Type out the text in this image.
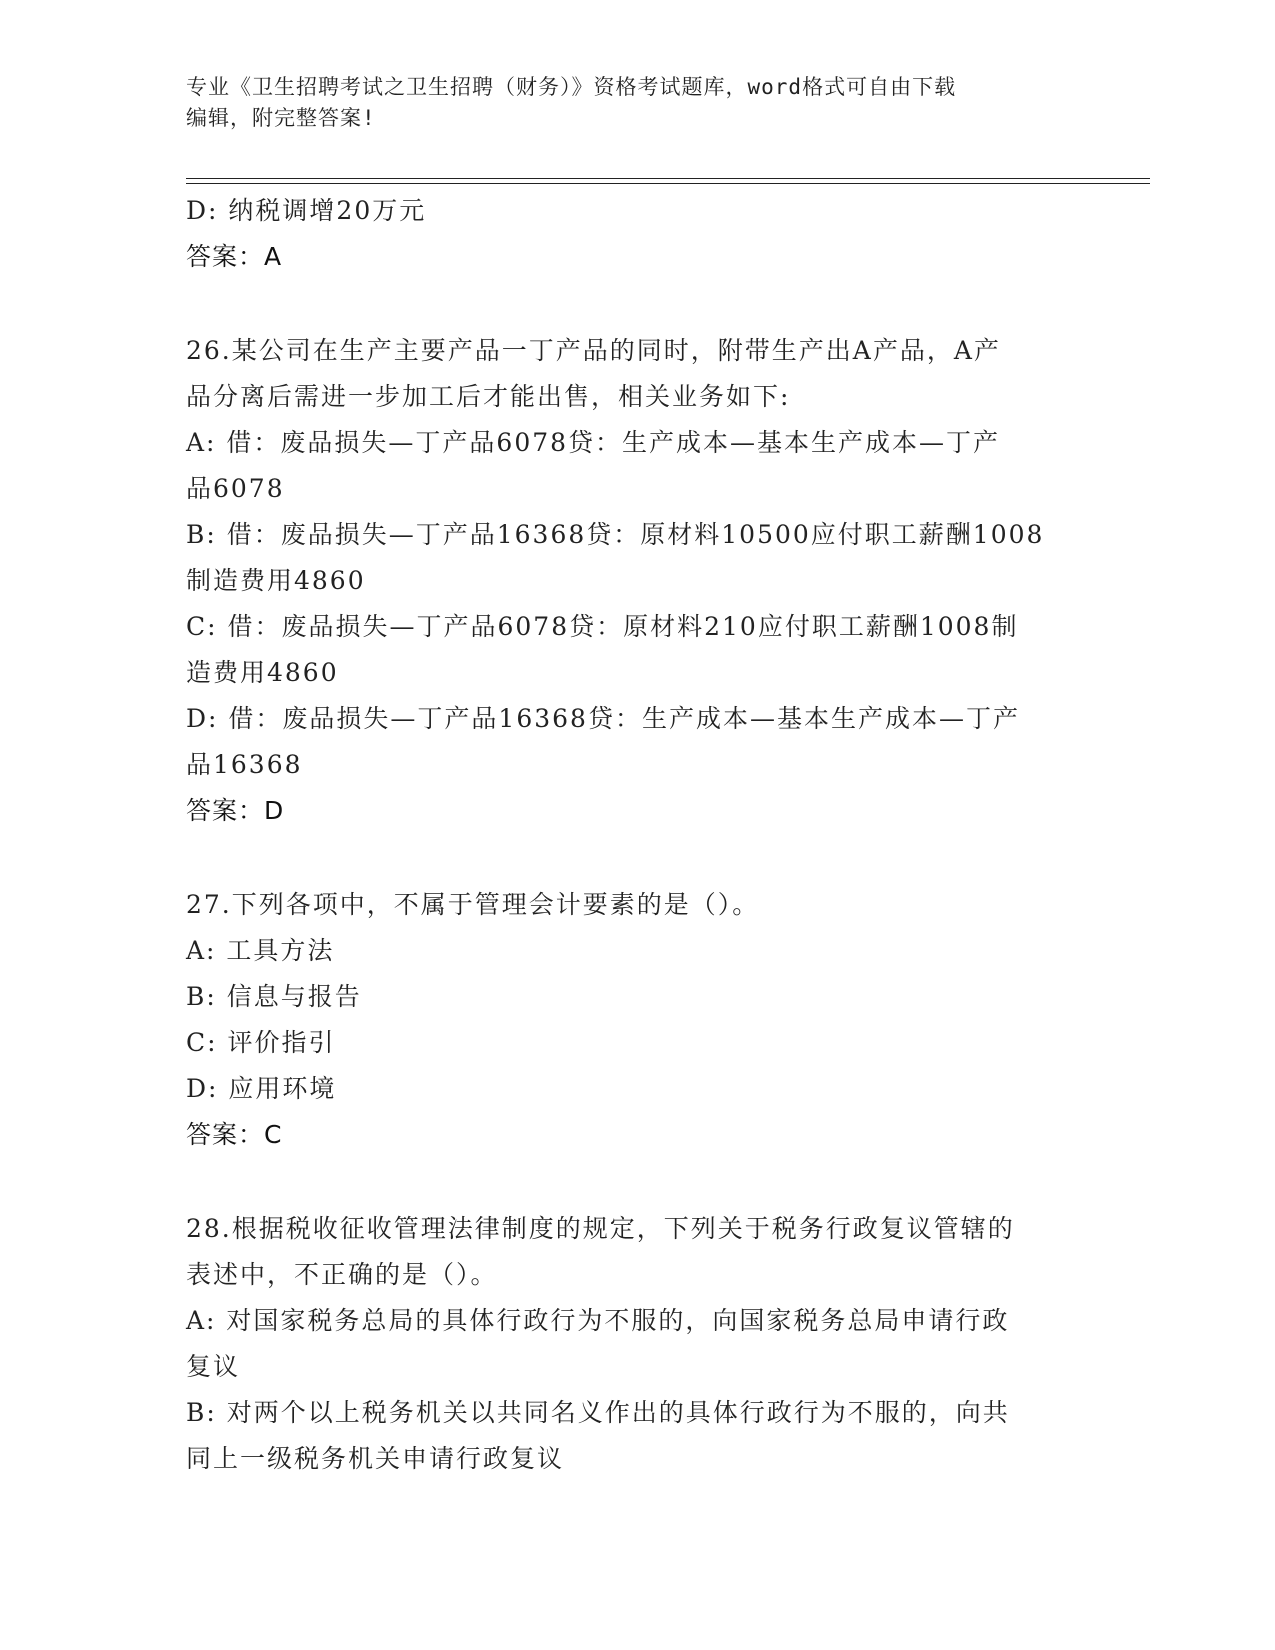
专业《卫生招聘考试之卫生招聘（财务）》资格考试题库，word格式可自由下载
编辑，附完整答案!
D: 纳税调增20万元
答案：A
26.某公司在生产主要产品一丁产品的同时，附带生产出A产品，A产
品分离后需进一步加工后才能出售，相关业务如下:
A: 借：废品损失—丁产品6078贷：生产成本—基本生产成本—丁产
品6078
B: 借：废品损失—丁产品16368贷：原材料10500应付职工薪酬1008
制造费用4860
C: 借：废品损失—丁产品6078贷：原材料210应付职工薪酬1008制
造费用4860
D: 借：废品损失—丁产品16368贷：生产成本—基本生产成本—丁产
品16368
答案：D
27.下列各项中，不属于管理会计要素的是（）。
A: 工具方法
B: 信息与报告
C: 评价指引
D: 应用环境
答案：C
28.根据税收征收管理法律制度的规定，下列关于税务行政复议管辖的
表述中，不正确的是（）。
A: 对国家税务总局的具体行政行为不服的，向国家税务总局申请行政
复议
B: 对两个以上税务机关以共同名义作出的具体行政行为不服的，向共
同上一级税务机关申请行政复议
